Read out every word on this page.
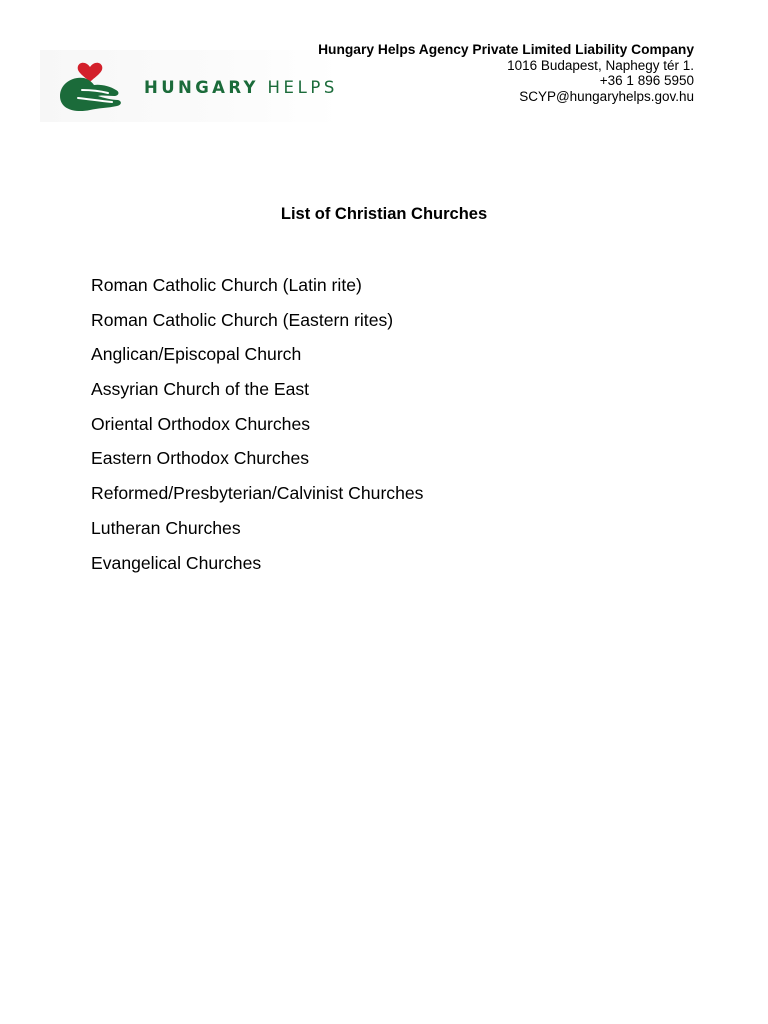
HUNGARY HELPS
Hungary Helps Agency Private Limited Liability Company
1016 Budapest, Naphegy tér 1.
+36 1 896 5950
SCYP@hungaryhelps.gov.hu
List of Christian Churches
Roman Catholic Church (Latin rite)
Roman Catholic Church (Eastern rites)
Anglican/Episcopal Church
Assyrian Church of the East
Oriental Orthodox Churches
Eastern Orthodox Churches
Reformed/Presbyterian/Calvinist Churches
Lutheran Churches
Evangelical Churches
